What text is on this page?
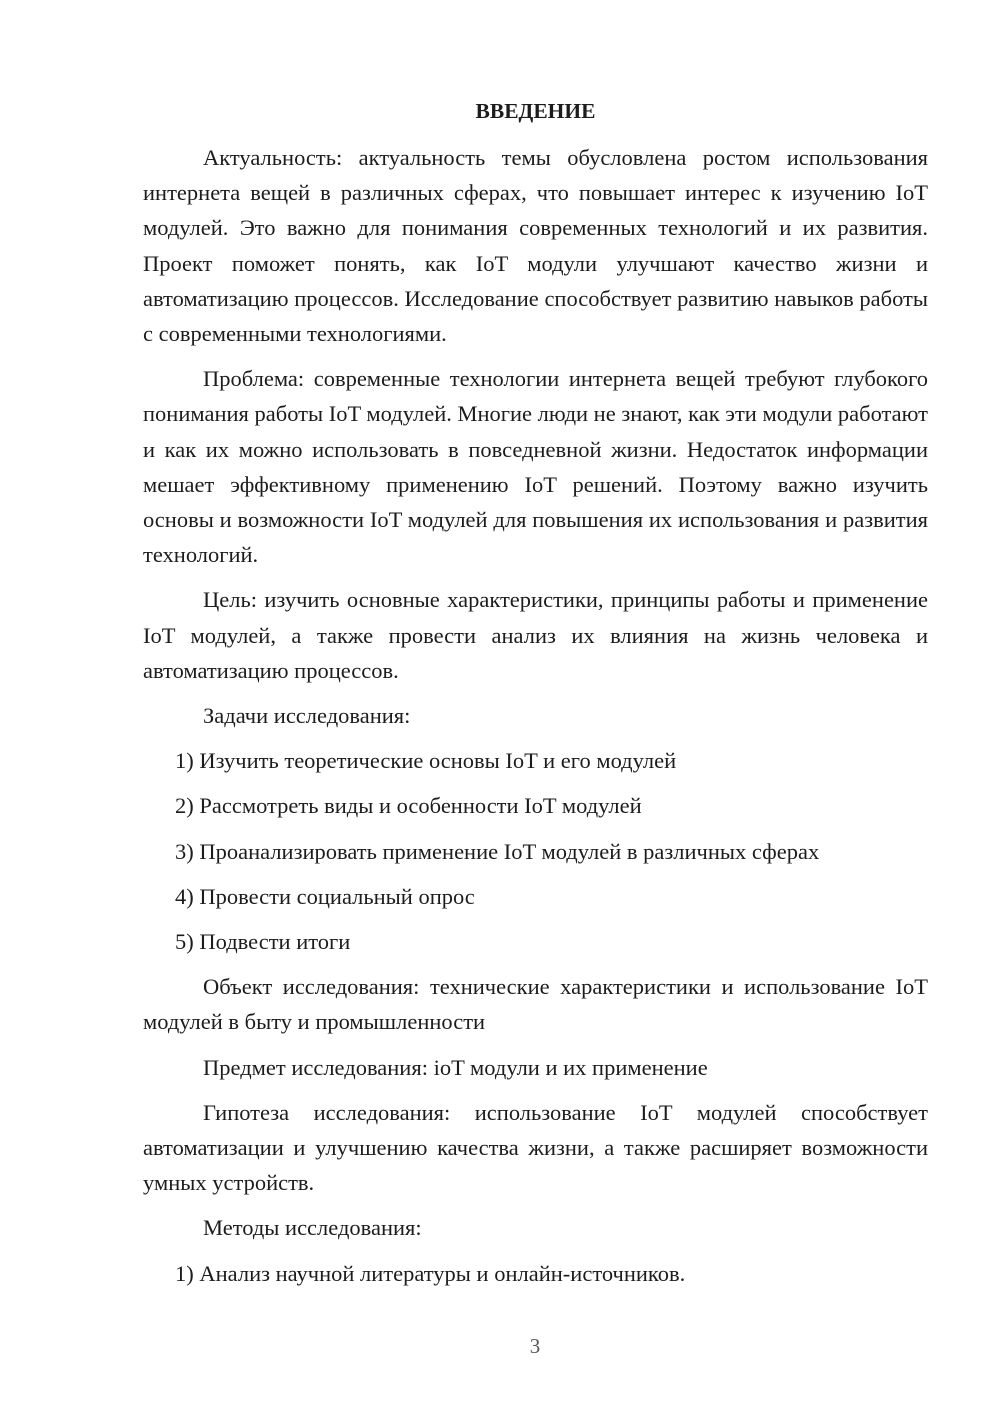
ВВЕДЕНИЕ

Актуальность: актуальность темы обусловлена ростом использования интернета вещей в различных сферах, что повышает интерес к изучению IoT модулей. Это важно для понимания современных технологий и их развития. Проект поможет понять, как IoT модули улучшают качество жизни и автоматизацию процессов. Исследование способствует развитию навыков работы с современными технологиями.

Проблема: современные технологии интернета вещей требуют глубокого понимания работы IoT модулей. Многие люди не знают, как эти модули работают и как их можно использовать в повседневной жизни. Недостаток информации мешает эффективному применению IoT решений. Поэтому важно изучить основы и возможности IoT модулей для повышения их использования и развития технологий.

Цель: изучить основные характеристики, принципы работы и применение IoT модулей, а также провести анализ их влияния на жизнь человека и автоматизацию процессов.

Задачи исследования:

1) Изучить теоретические основы IoT и его модулей
2) Рассмотреть виды и особенности IoT модулей
3) Проанализировать применение IoT модулей в различных сферах
4) Провести социальный опрос
5) Подвести итоги

Объект исследования: технические характеристики и использование IoT модулей в быту и промышленности

Предмет исследования: ioT модули и их применение

Гипотеза исследования: использование IoT модулей способствует автоматизации и улучшению качества жизни, а также расширяет возможности умных устройств.

Методы исследования:

1) Анализ научной литературы и онлайн-источников.
3
